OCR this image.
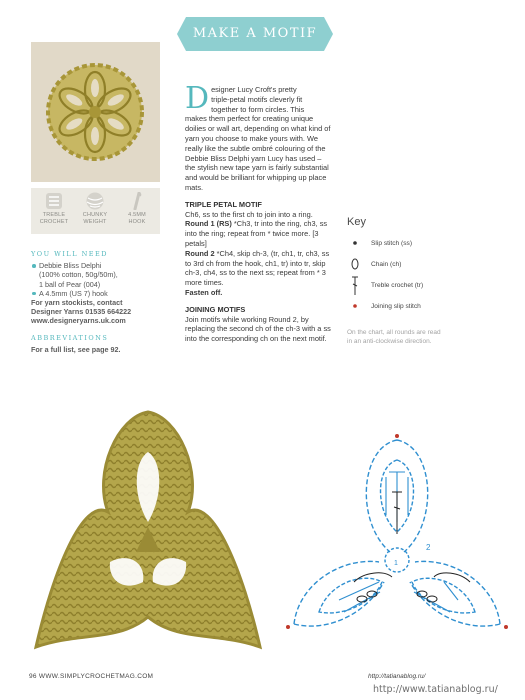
MAKE A MOTIF
TREBLE
CROCHET
CHUNKY
WEIGHT
4.5MM
HOOK
YOU WILL NEED
Debbie Bliss Delphi
(100% cotton, 50g/50m),
1 ball of Pear (004)
A 4.5mm (US 7) hook
For yarn stockists, contact
Designer Yarns 01535 664222
www.designeryarns.uk.com
ABBREVIATIONS
For a full list, see page 92.
D esigner Lucy Croft's pretty
triple-petal motifs cleverly fit
together to form circles. This
makes them perfect for creating unique doilies or wall art, depending on what kind of yarn you choose to make yours with. We really like the subtle ombré colouring of the Debbie Bliss Delphi yarn Lucy has used – the stylish new tape yarn is fairly substantial and would be brilliant for whipping up place mats.
TRIPLE PETAL MOTIF
Ch6, ss to the first ch to join into a ring.
Round 1 (RS) *Ch3, tr into the ring, ch3, ss into the ring; repeat from * twice more. [3 petals]
Round 2 *Ch4, skip ch-3, (tr, ch1, tr, ch3, ss to 3rd ch from the hook, ch1, tr) into tr, skip ch-3, ch4, ss to the next ss; repeat from * 3 more times.
Fasten off.
JOINING MOTIFS
Join motifs while working Round 2, by replacing the second ch of the ch-3 with a ss into the corresponding ch on the next motif.
Key
Slip stitch (ss)
Chain (ch)
Treble crochet (tr)
Joining slip stitch
On the chart, all rounds are read in an anti-clockwise direction.
1
2
96 WWW.SIMPLYCROCHETMAG.COM	http://tatianablog.ru/
http://www.tatianablog.ru/
